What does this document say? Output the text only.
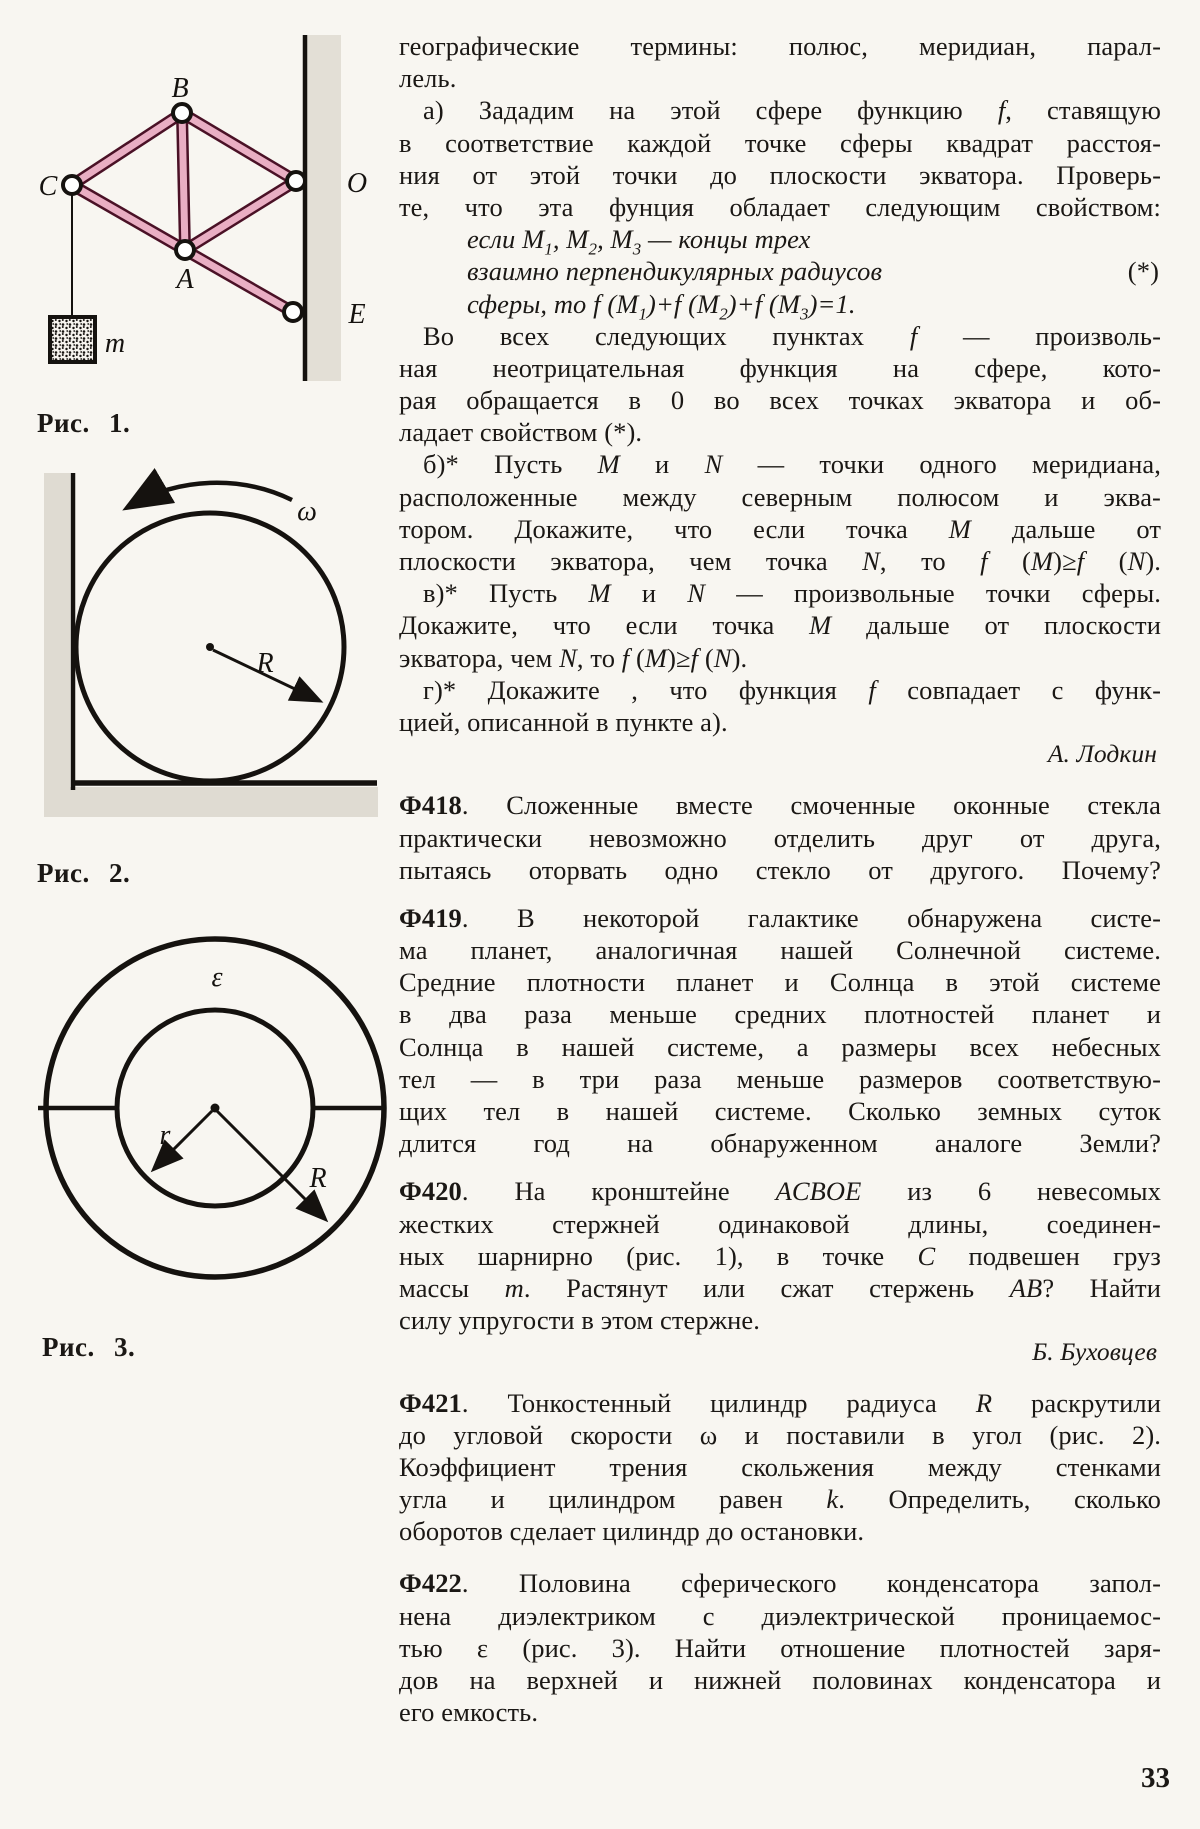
B
C	O
A
E
m
Рис. 1.
R
ω
Рис. 2.
r
R
ε
Рис. 3.
географические термины: полюс, меридиан, парал-
лель.
а) Зададим на этой сфере функцию f, ставящую
в соответствие каждой точке сферы квадрат расстоя-
ния от этой точки до плоскости экватора. Проверь-
те, что эта фунция обладает следующим свойством:
если $M_1$, $M_2$, $M_3$ — концы трех
взаимно перпендикулярных радиусов	(*)
сферы, то f $(M_1)+f$ $(M_2)+f$ $(M_3)=1$.
Во всех следующих пунктах f — произволь-
ная неотрицательная функция на сфере, кото-
рая обращается в 0 во всех точках экватора и об-
ладает свойством (*).
б)* Пусть M и N — точки одного меридиана,
расположенные между северным полюсом и эква-
тором. Докажите, что если точка M дальше от
плоскости экватора, чем точка N, то f (M)≥f (N).
в)* Пусть M и N — произвольные точки сферы.
Докажите, что если точка M дальше от плоскости
экватора, чем N, то f (M)≥f (N).
г)* Докажите , что функция f совпадает с функ-
цией, описанной в пункте а).
А. Лодкин
Ф418. Сложенные вместе смоченные оконные стекла
практически невозможно отделить друг от друга,
пытаясь оторвать одно стекло от другого. Почему?
Ф419. В некоторой галактике обнаружена систе-
ма планет, аналогичная нашей Солнечной системе.
Средние плотности планет и Солнца в этой системе
в два раза меньше средних плотностей планет и
Солнца в нашей системе, а размеры всех небесных
тел — в три раза меньше размеров соответствую-
щих тел в нашей системе. Сколько земных суток
длится год на обнаруженном аналоге Земли?
Ф420. На кронштейне ACBOE из 6 невесомых
жестких стержней одинаковой длины, соединен-
ных шарнирно (рис. 1), в точке C подвешен груз
массы m. Растянут или сжат стержень AB? Найти
силу упругости в этом стержне.
Б. Буховцев
Ф421. Тонкостенный цилиндр радиуса R раскрутили
до угловой скорости ω и поставили в угол (рис. 2).
Коэффициент трения скольжения между стенками
угла и цилиндром равен k. Определить, сколько
оборотов сделает цилиндр до остановки.
Ф422. Половина сферического конденсатора запол-
нена диэлектриком с диэлектрической проницаемос-
тью ε (рис. 3). Найти отношение плотностей заря-
дов на верхней и нижней половинах конденсатора и
его емкость.
33
